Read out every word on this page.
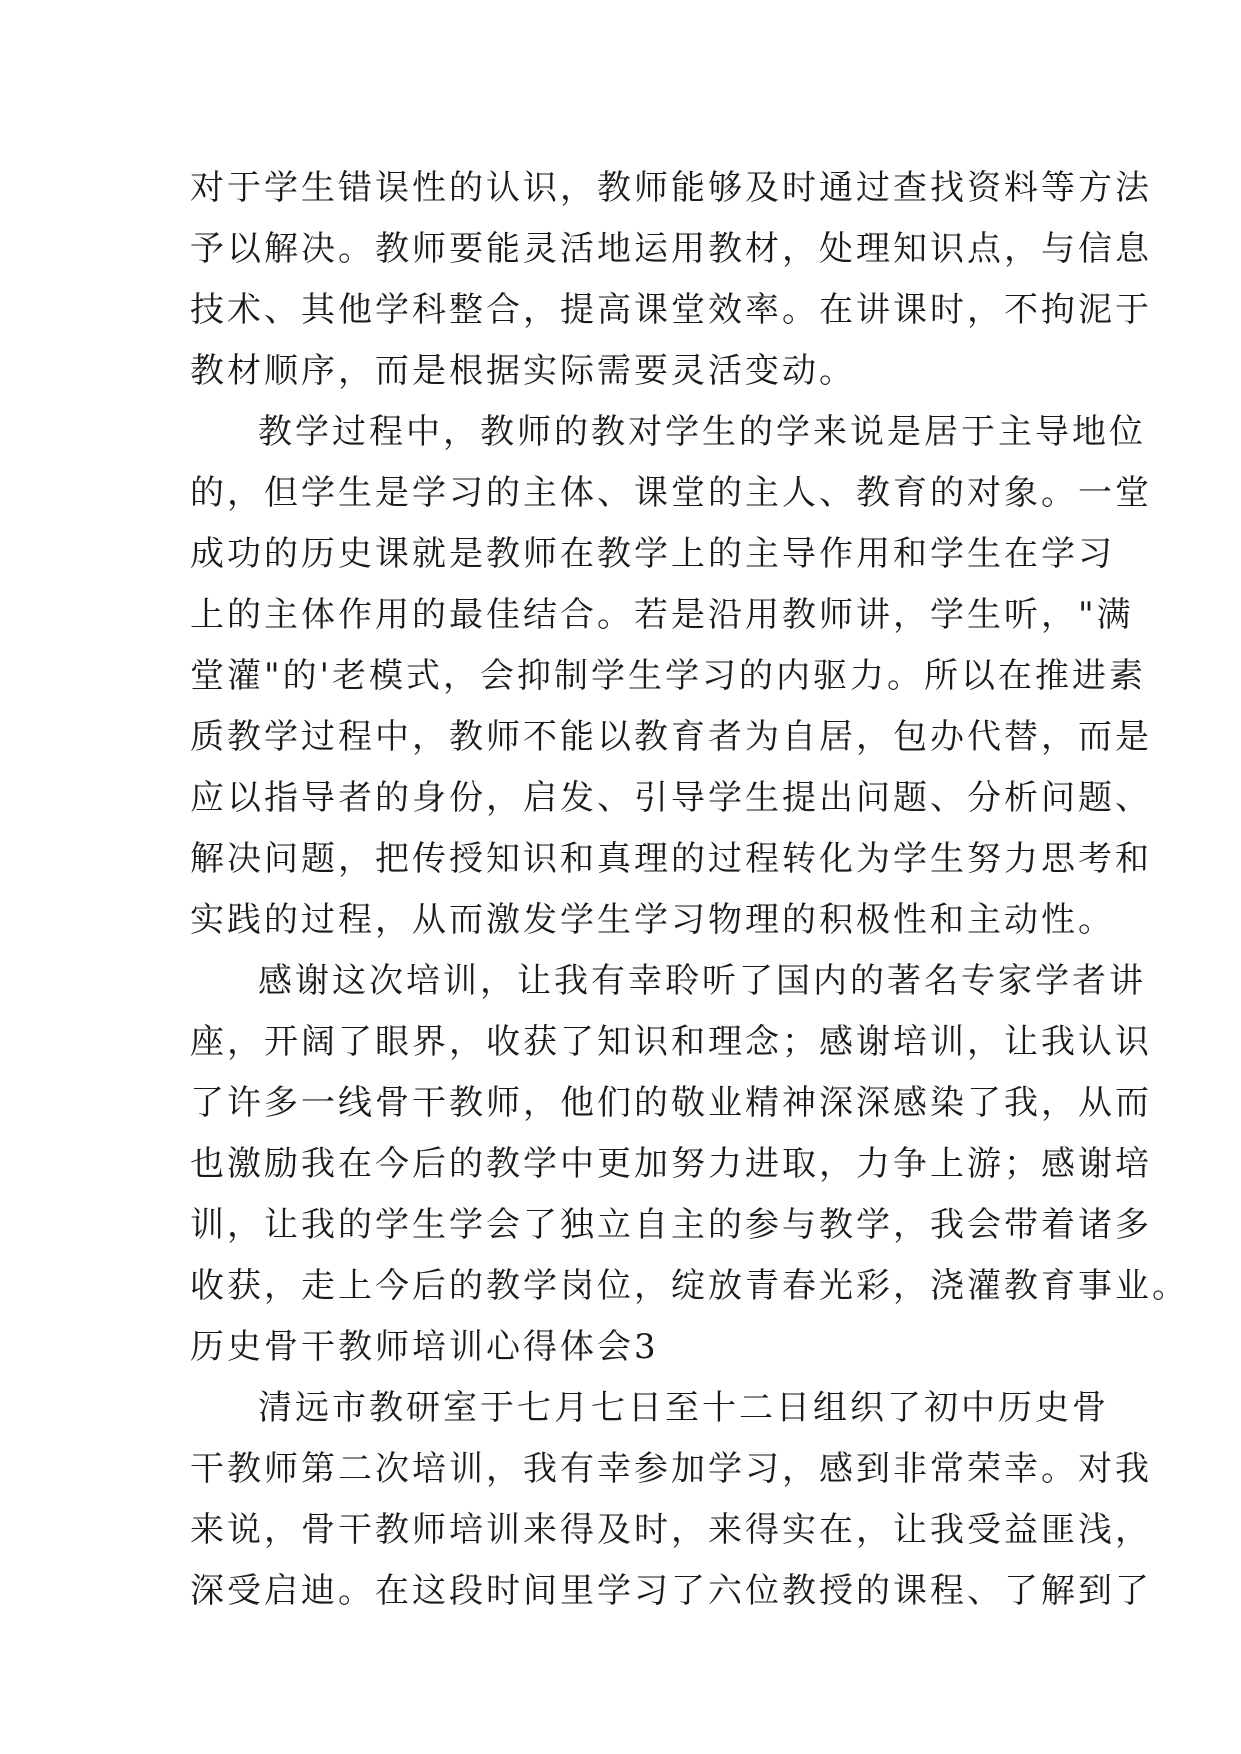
对于学生错误性的认识，教师能够及时通过查找资料等方法
予以解决。教师要能灵活地运用教材，处理知识点，与信息
技术、其他学科整合，提高课堂效率。在讲课时，不拘泥于
教材顺序，而是根据实际需要灵活变动。
教学过程中，教师的教对学生的学来说是居于主导地位
的，但学生是学习的主体、课堂的主人、教育的对象。一堂
成功的历史课就是教师在教学上的主导作用和学生在学习
上的主体作用的最佳结合。若是沿用教师讲，学生听，"满
堂灌"的'老模式，会抑制学生学习的内驱力。所以在推进素
质教学过程中，教师不能以教育者为自居，包办代替，而是
应以指导者的身份，启发、引导学生提出问题、分析问题、
解决问题，把传授知识和真理的过程转化为学生努力思考和
实践的过程，从而激发学生学习物理的积极性和主动性。
感谢这次培训，让我有幸聆听了国内的著名专家学者讲
座，开阔了眼界，收获了知识和理念；感谢培训，让我认识
了许多一线骨干教师，他们的敬业精神深深感染了我，从而
也激励我在今后的教学中更加努力进取，力争上游；感谢培
训，让我的学生学会了独立自主的参与教学，我会带着诸多
收获，走上今后的教学岗位，绽放青春光彩，浇灌教育事业。
历史骨干教师培训心得体会3
清远市教研室于七月七日至十二日组织了初中历史骨
干教师第二次培训，我有幸参加学习，感到非常荣幸。对我
来说，骨干教师培训来得及时，来得实在，让我受益匪浅，
深受启迪。在这段时间里学习了六位教授的课程、了解到了
